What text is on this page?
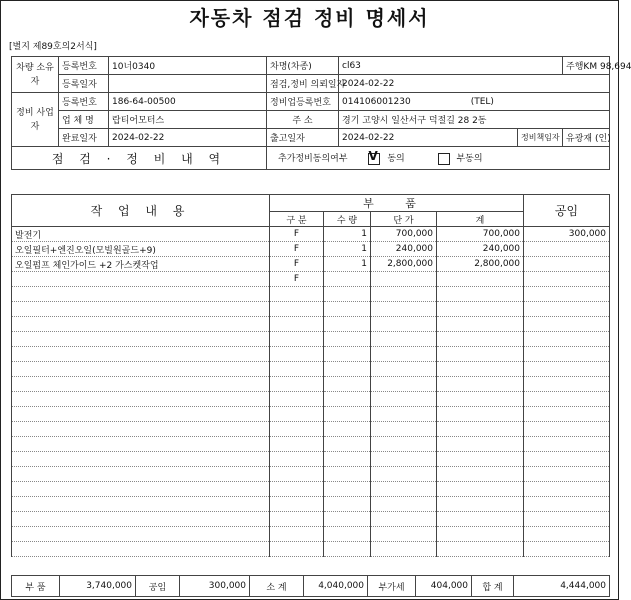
자동차 점검 정비 명세서
[별지 제89호의2서식]
차량 소유자	등록번호	10너0340	차명(차종)	cl63		주행KM 98,694
	등록일자		점검,정비 의뢰일자	2024-02-22		
정비 사업자	등록번호	186-64-00500	정비업등록번호	014106001230 (TEL)		
	업 체 명	랍티어모터스	주 소	경기 고양시 일산서구 덕절길 28 2동		
	완료일자	2024-02-22	출고일자	2024-02-22	정비책임자	유광재 (인)
점 검 · 정 비 내 역			추가정비동의여부 V 동의 부동의			
작 업 내 용	부 품				공임
	구 분	수 량	단 가	계	
발전기	F	1	700,000	700,000	300,000
오일필터+엔진오일(모빌원골드+9)	F	1	240,000	240,000	
오일펌프 체인가이드 +2 가스켓작업	F	1	2,800,000	2,800,000	
	F				

부 품	3,740,000	공임	300,000	소 계	4,040,000	부가세	404,000	합 계	4,444,000
